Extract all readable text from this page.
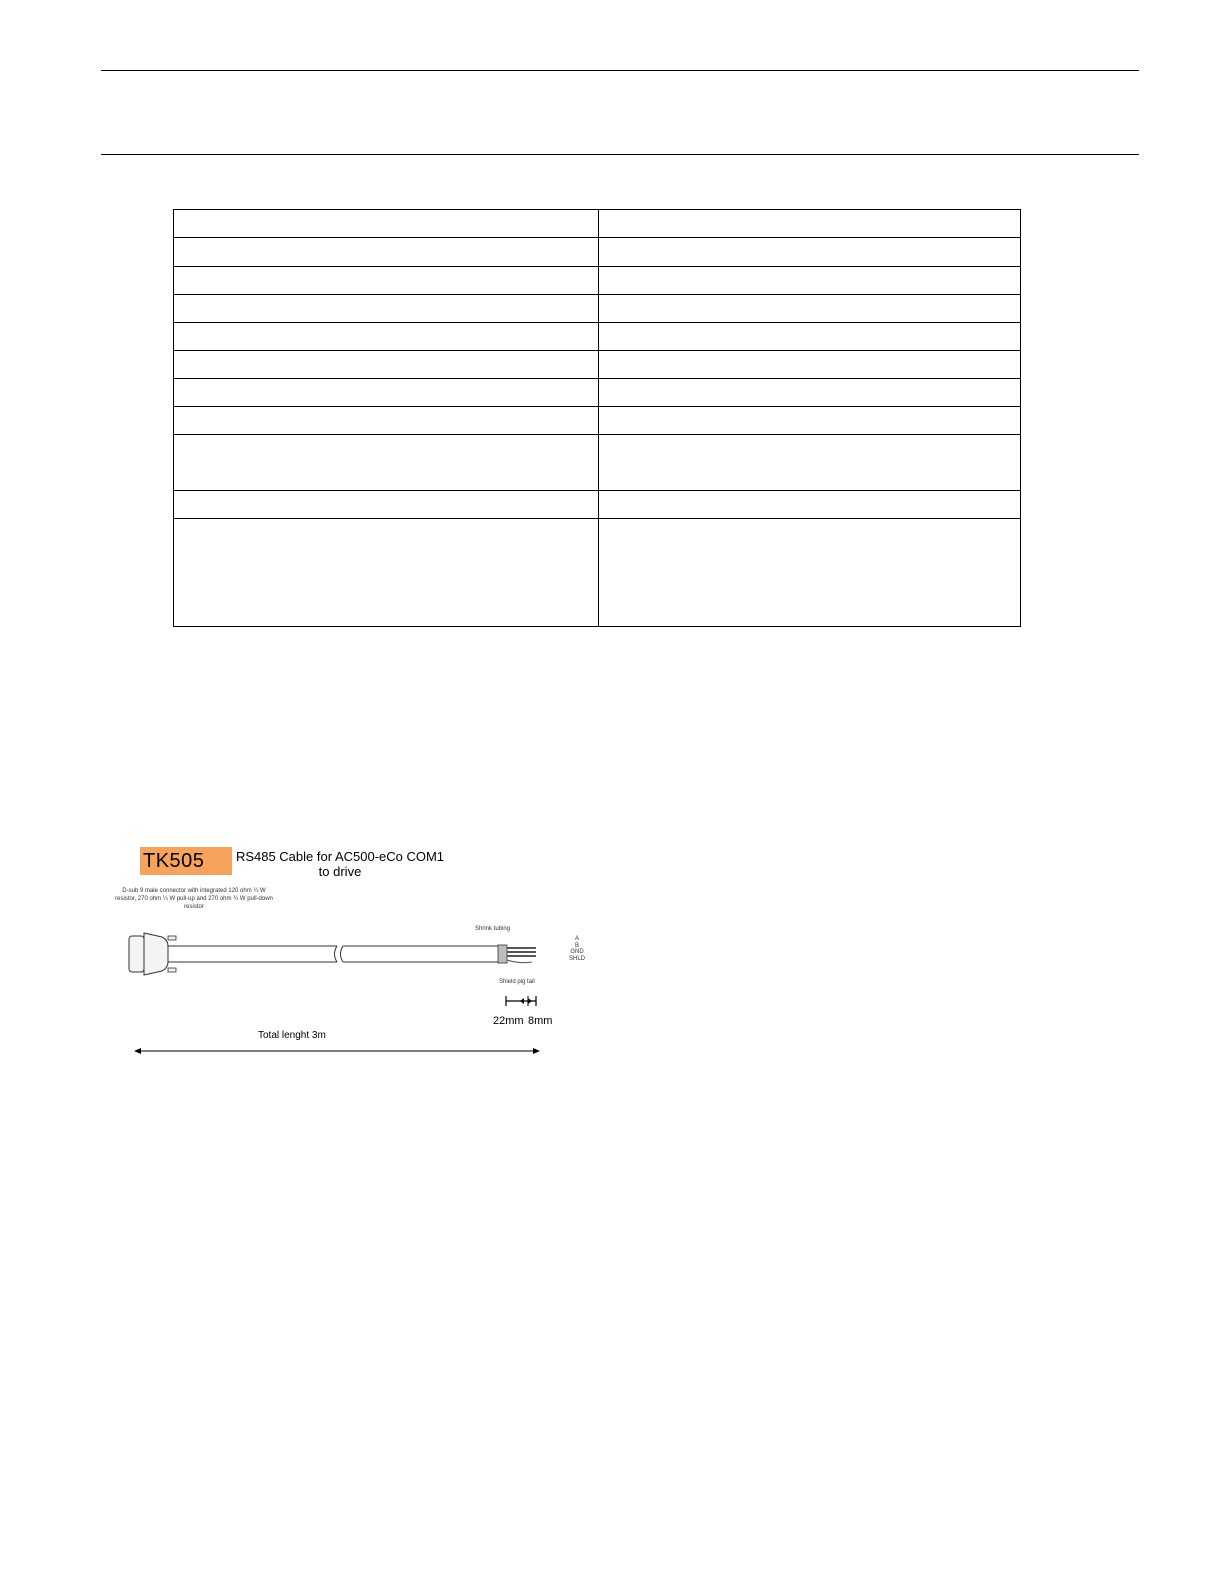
TK505	RS485 Cable for AC500-eCo COM1 to drive
D-sub 9 male connector with integrated 120 ohm ¼ W resistor, 270 ohm ¼ W pull-up and 270 ohm ¼ W pull-down resistor
Shrink tubing
Shield pig tail
A
B
GND
SHLD
22mm 8mm
Total lenght 3m
